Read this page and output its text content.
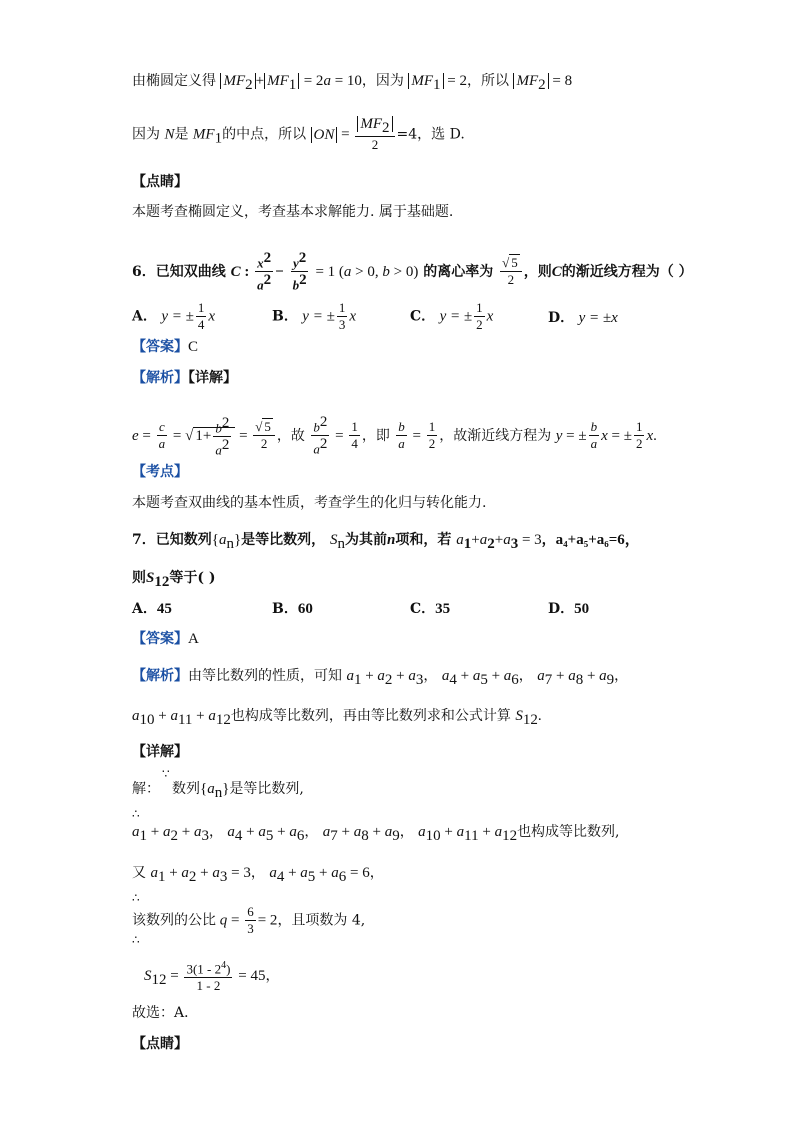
由椭圆定义得 $MF_2 + MF_1 = 2a = 10$，因为 $MF_1 = 2$，所以 $MF_2 = 8$
因为 N是 $MF_1$的中点，所以 ON = $\frac{MF_2}{2} =4$，选 D.
【点睛】
本题考查椭圆定义，考查基本求解能力. 属于基础题.
6．已知双曲线 C : $\frac{x^2}{a^2} - \frac{y^2}{b^2} = 1$ (a > 0, b > 0) 的离心率为 $\frac{√ 5}{2}$ ，则C的渐近线方程为（ ）
A． y = ± $\frac{1}{4}$ x	B． y = ± $\frac{1}{3}$ x	C． y = ± $\frac{1}{2}$ x	D． y = ±x
【答案】C
【解析】【详解】
$e = \frac{c}{a}$ = √ $1+ \frac{b^2}{a^2} = \frac{√ 5}{2}$ ，故 $\frac{b^2}{a^2} = \frac{1}{4}$ ，即 $\frac{b}{a} = \frac{1}{2}$ ，故渐近线方程为 y = ± $\frac{b}{a}$ x = ± $\frac{1}{2} x$.
【考点】
本题考查双曲线的基本性质，考查学生的化归与转化能力.
7．已知数列$\{a_n\}$是等比数列， $S_n$为其前n项和，若 $a_1+a_2+a_3 = 3$，a₄+a₅+a₆=6，
则$S_{12}$等于( )
A．45	B．60	C．35	D．50
【答案】A
【解析】由等比数列的性质，可知 $a_1 + a_2 + a_3$， $a_4 + a_5 + a_6$， $a_7 + a_8 + a_9$，
$a_{10} + a_{11} + a_{12}$也构成等比数列，再由等比数列求和公式计算 $S_{12}$.
【详解】
∵
解： 数列$\{a_n\}$是等比数列,
∴
$a_1 + a_2 + a_3$， $a_4 + a_5 + a_6$， $a_7 + a_8 + a_9$， $a_{10} + a_{11} + a_{12}$也构成等比数列,
又 $a_1 + a_2 + a_3 = 3$， $a_4 + a_5 + a_6 = 6$，
∴
该数列的公比 $q = \frac{6}{3} = 2$，且项数为 4,
∴
$S_{12} = \frac{3(1 - 2^4)}{1 - 2} = 45$，
故选：A．
【点睛】
